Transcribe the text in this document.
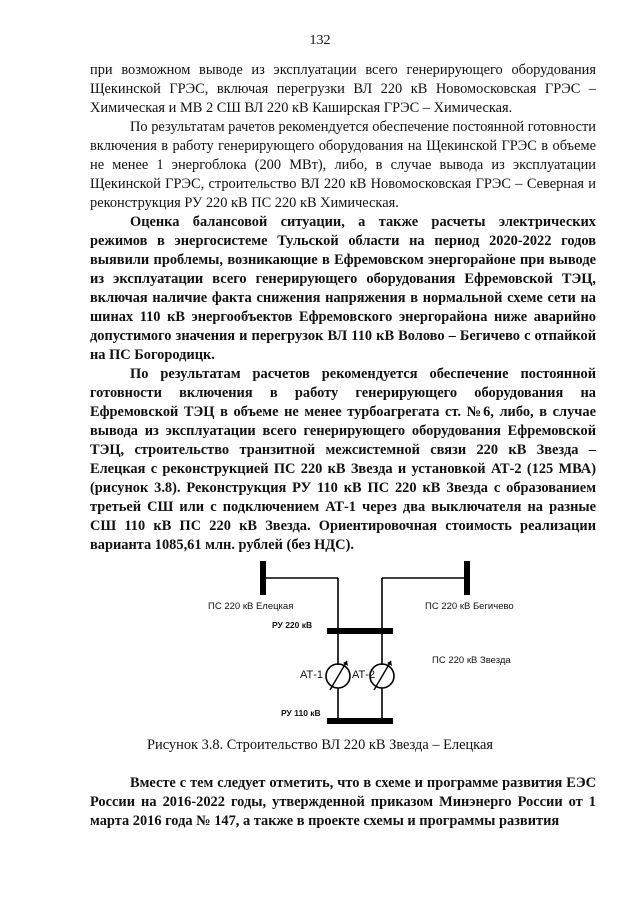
132

при возможном выводе из эксплуатации всего генерирующего оборудования Щекинской ГРЭС, включая перегрузки ВЛ 220 кВ Новомосковская ГРЭС – Химическая и МВ 2 СШ ВЛ 220 кВ Каширская ГРЭС – Химическая.

По результатам рачетов рекомендуется обеспечение постоянной готовности включения в работу генерирующего оборудования на Щекинской ГРЭС в объеме не менее 1 энергоблока (200 МВт), либо, в случае вывода из эксплуатации Щекинской ГРЭС, строительство ВЛ 220 кВ Новомосковская ГРЭС – Северная и реконструкция РУ 220 кВ ПС 220 кВ Химическая.

Оценка балансовой ситуации, а также расчеты электрических режимов в энергосистеме Тульской области на период 2020-2022 годов выявили проблемы, возникающие в Ефремовском энергорайоне при выводе из эксплуатации всего генерирующего оборудования Ефремовской ТЭЦ, включая наличие факта снижения напряжения в нормальной схеме сети на шинах 110 кВ энергообъектов Ефремовского энергорайона ниже аварийно допустимого значения и перегрузок ВЛ 110 кВ Волово – Бегичево с отпайкой на ПС Богородицк.

По результатам расчетов рекомендуется обеспечение постоянной готовности включения в работу генерирующего оборудования на Ефремовской ТЭЦ в объеме не менее турбоагрегата ст. №6, либо, в случае вывода из эксплуатации всего генерирующего оборудования Ефремовской ТЭЦ, строительство транзитной межсистемной связи 220 кВ Звезда – Елецкая с реконструкцией ПС 220 кВ Звезда и установкой АТ-2 (125 МВА) (рисунок 3.8). Реконструкция РУ 110 кВ ПС 220 кВ Звезда с образованием третьей СШ или с подключением АТ-1 через два выключателя на разные СШ 110 кВ ПС 220 кВ Звезда. Ориентировочная стоимость реализации варианта 1085,61 млн. рублей (без НДС).

ПС 220 кВ Елецкая	ПС 220 кВ Бегичево
РУ 220 кВ
ПС 220 кВ Звезда
АТ-1	АТ-2
РУ 110 кВ
Рисунок 3.8. Строительство ВЛ 220 кВ Звезда – Елецкая

Вместе с тем следует отметить, что в схеме и программе развития ЕЭС России на 2016-2022 годы, утвержденной приказом Минэнерго России от 1 марта 2016 года № 147, а также в проекте схемы и программы развития
